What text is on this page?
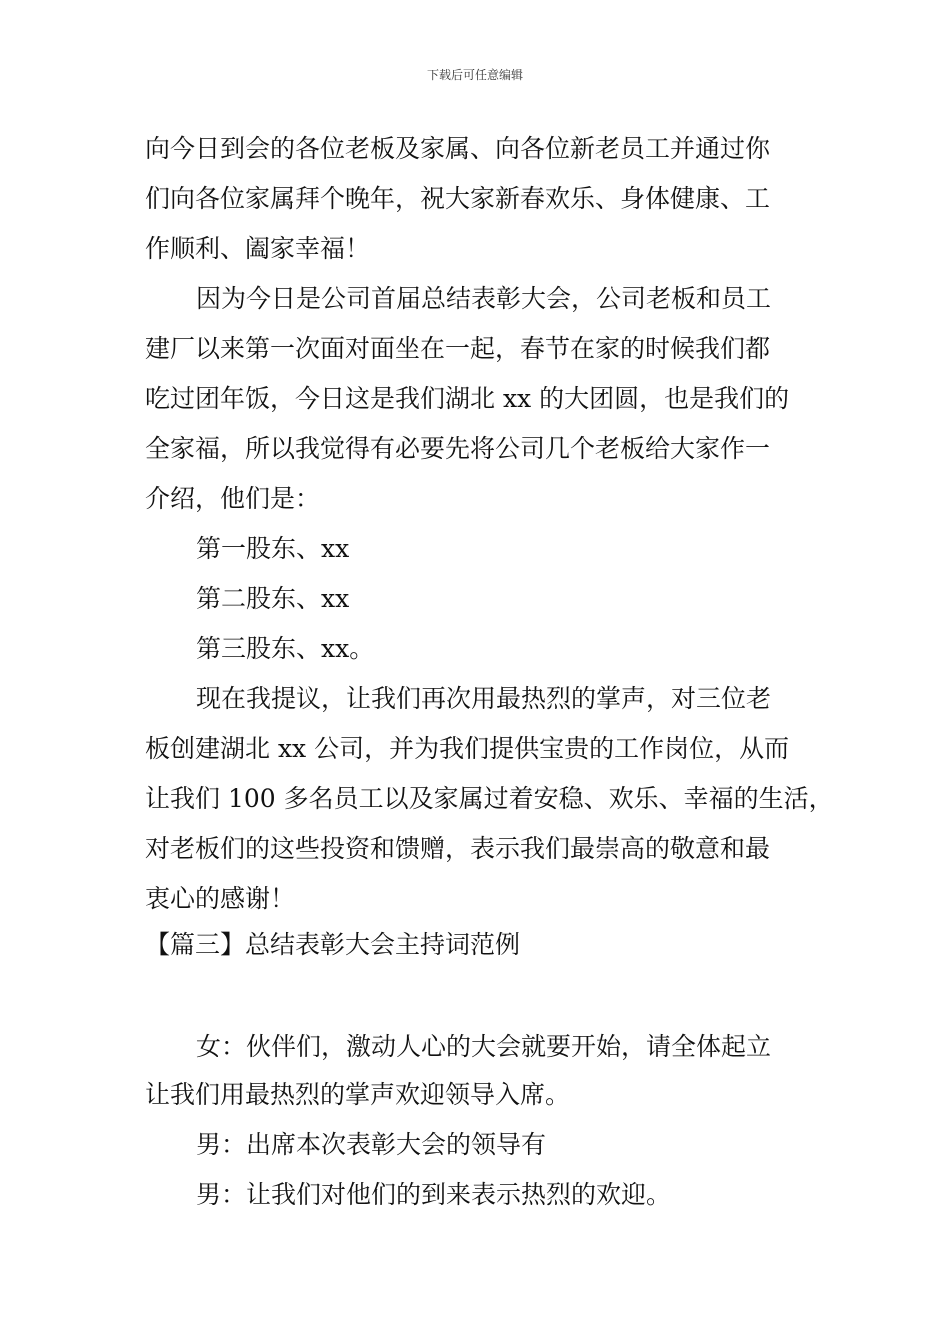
下载后可任意编辑
向今日到会的各位老板及家属、向各位新老员工并通过你
们向各位家属拜个晚年，祝大家新春欢乐、身体健康、工
作顺利、阖家幸福！
因为今日是公司首届总结表彰大会，公司老板和员工
建厂以来第一次面对面坐在一起，春节在家的时候我们都
吃过团年饭，今日这是我们湖北 xx 的大团圆，也是我们的
全家福，所以我觉得有必要先将公司几个老板给大家作一
介绍，他们是：
第一股东、xx
第二股东、xx
第三股东、xx。
现在我提议，让我们再次用最热烈的掌声，对三位老
板创建湖北 xx 公司，并为我们提供宝贵的工作岗位，从而
让我们 100 多名员工以及家属过着安稳、欢乐、幸福的生活，
对老板们的这些投资和馈赠，表示我们最崇高的敬意和最
衷心的感谢！
【篇三】总结表彰大会主持词范例
女：伙伴们，激动人心的大会就要开始，请全体起立
让我们用最热烈的掌声欢迎领导入席。
男：出席本次表彰大会的领导有
男：让我们对他们的到来表示热烈的欢迎。
